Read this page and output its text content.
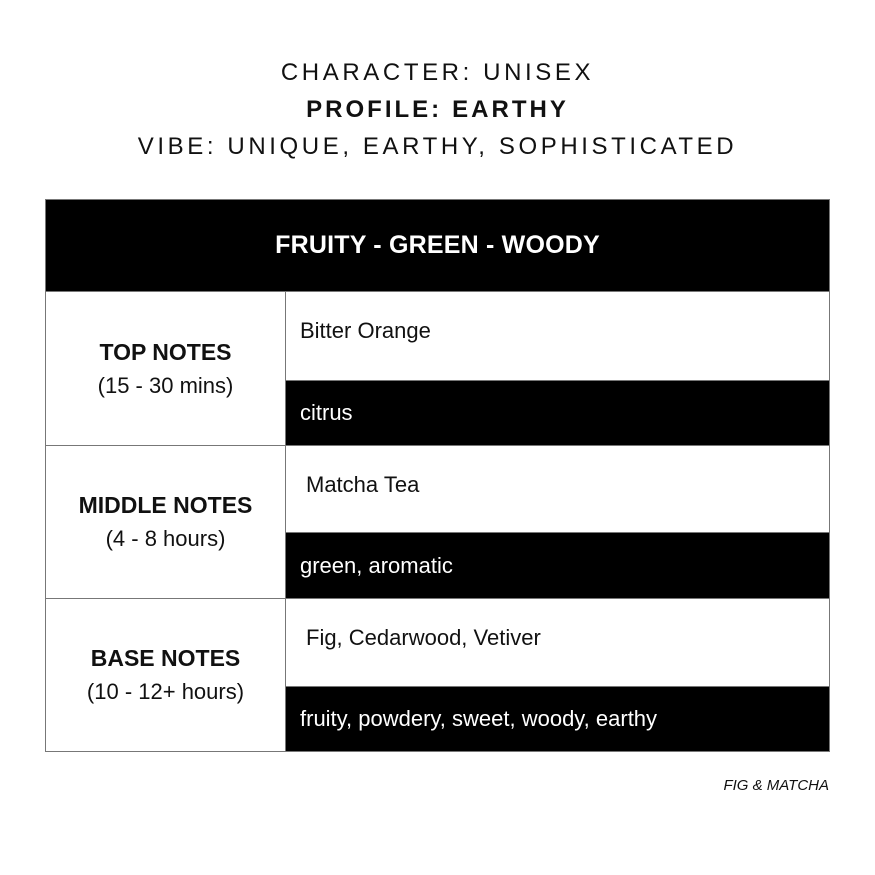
CHARACTER: UNISEX
PROFILE: EARTHY
VIBE: UNIQUE, EARTHY, SOPHISTICATED
FRUITY - GREEN - WOODY
TOP NOTES
(15 - 30 mins)
Bitter Orange
citrus
MIDDLE NOTES
(4 - 8 hours)
Matcha Tea
green, aromatic
BASE NOTES
(10 - 12+ hours)
Fig, Cedarwood, Vetiver
fruity, powdery, sweet, woody, earthy
FIG & MATCHA
